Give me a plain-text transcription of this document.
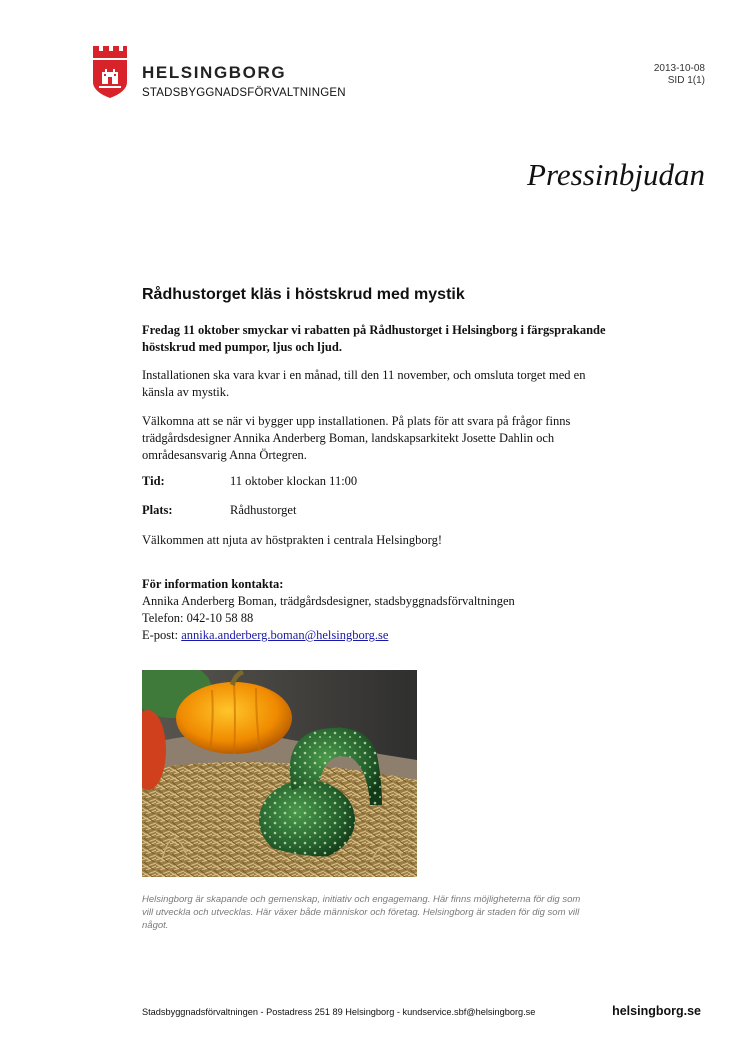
HELSINGBORG
STADSBYGGNADSFÖRVALTNINGEN
2013-10-08
SID 1(1)
Pressinbjudan
Rådhustorget kläs i höstskrud med mystik
Fredag 11 oktober smyckar vi rabatten på Rådhustorget i Helsingborg i färgsprakande höstskrud med pumpor, ljus och ljud.
Installationen ska vara kvar i en månad, till den 11 november, och omsluta torget med en känsla av mystik.
Välkomna att se när vi bygger upp installationen. På plats för att svara på frågor finns trädgårdsdesigner Annika Anderberg Boman, landskapsarkitekt Josette Dahlin och områdesansvarig Anna Örtegren.
Tid:	11 oktober klockan 11:00
Plats:	Rådhustorget
Välkommen att njuta av höstprakten i centrala Helsingborg!
För information kontakta:
Annika Anderberg Boman, trädgårdsdesigner, stadsbyggnadsförvaltningen
Telefon: 042-10 58 88
E-post: annika.anderberg.boman@helsingborg.se
Helsingborg är skapande och gemenskap, initiativ och engagemang. Här finns möjligheterna för dig som vill utveckla och utvecklas. Här växer både människor och företag. Helsingborg är staden för dig som vill något.
Stadsbyggnadsförvaltningen - Postadress 251 89 Helsingborg - kundservice.sbf@helsingborg.se	helsingborg.se
